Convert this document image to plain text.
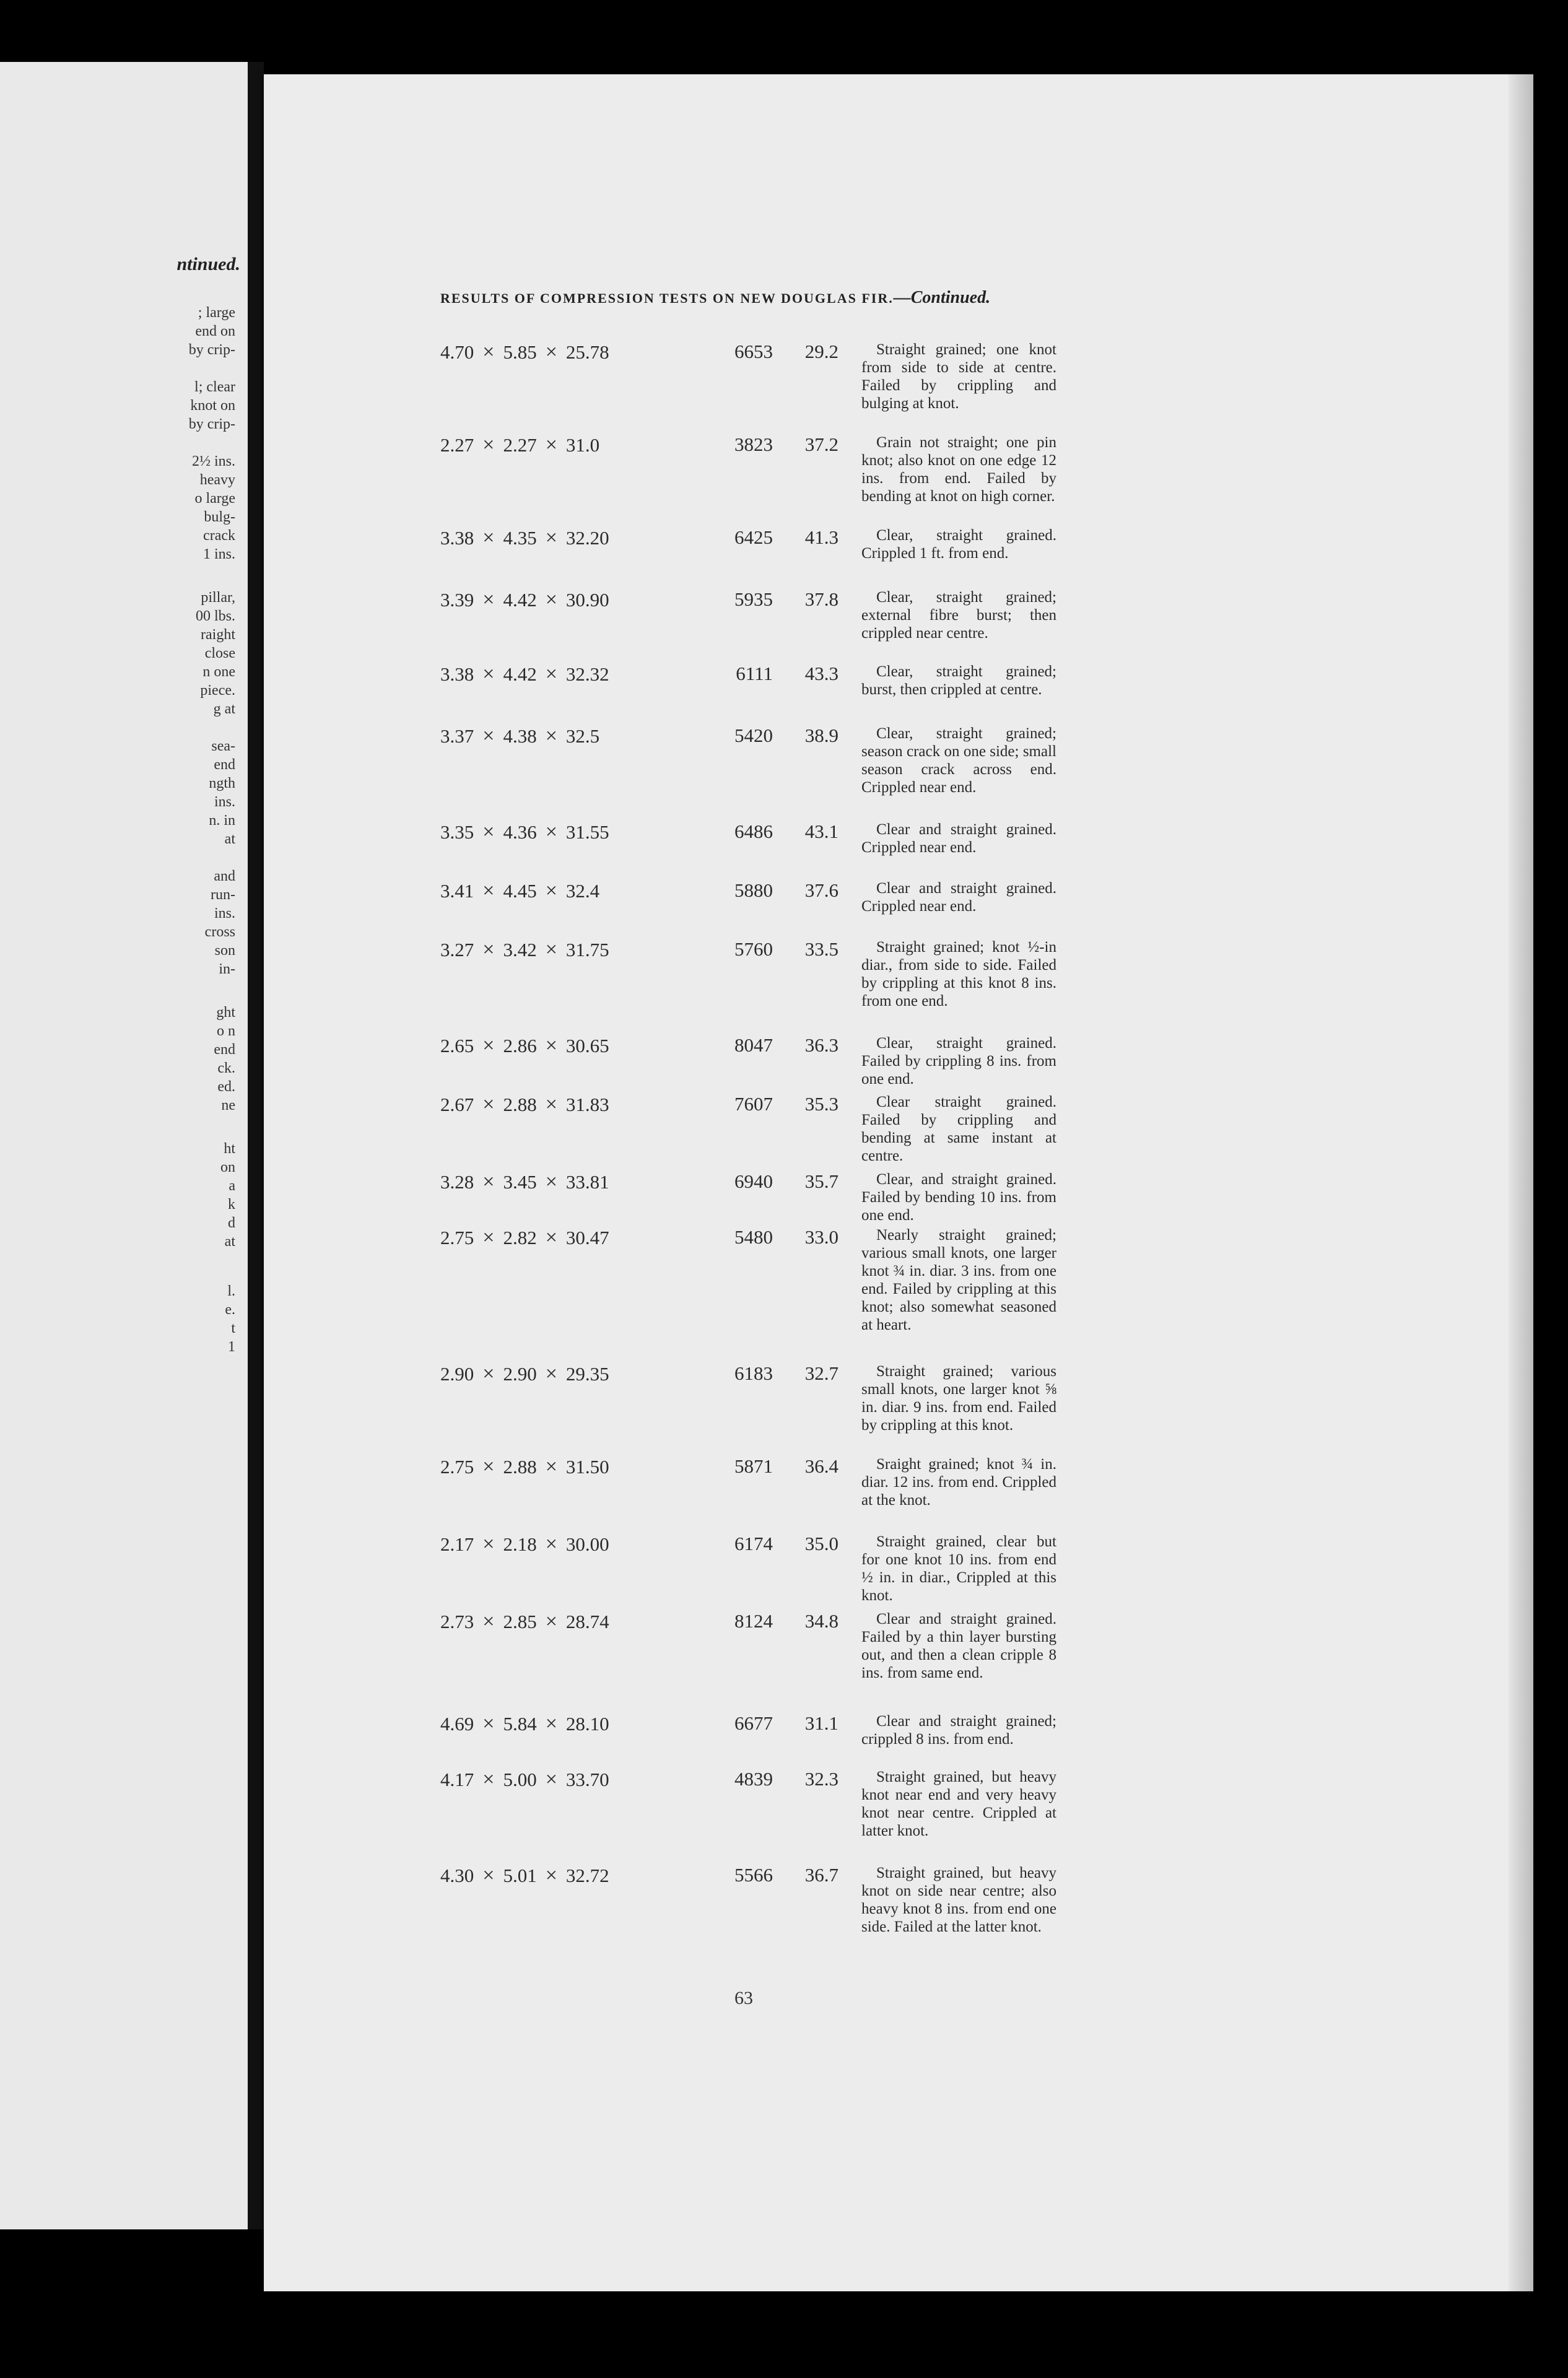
ntinued.
; large
end on
by crip-
l; clear
knot on
by crip-
2½ ins.
heavy
o large
bulg-
crack
1 ins.
pillar,
00 lbs.
raight
close
n one
piece.
g at
sea-
end
ngth
ins.
n. in
at
and
run-
ins.
cross
son
in-
ght
o n
end
ck.
ed.
ne
ht
on
a
k
d
at
l.
e.
t
1
RESULTS OF COMPRESSION TESTS ON NEW DOUGLAS FIR.—Continued.
4.70 × 5.85 × 25.78	6653	29.2	Straight grained; one knot from side to side at centre. Failed by crippling and bulging at knot.
2.27 × 2.27 × 31.0	3823	37.2	Grain not straight; one pin knot; also knot on one edge 12 ins. from end. Failed by bending at knot on high corner.
3.38 × 4.35 × 32.20	6425	41.3	Clear, straight grained. Crippled 1 ft. from end.
3.39 × 4.42 × 30.90	5935	37.8	Clear, straight grained; external fibre burst; then crippled near centre.
3.38 × 4.42 × 32.32	6111	43.3	Clear, straight grained; burst, then crippled at centre.
3.37 × 4.38 × 32.5	5420	38.9	Clear, straight grained; season crack on one side; small season crack across end. Crippled near end.
3.35 × 4.36 × 31.55	6486	43.1	Clear and straight grained. Crippled near end.
3.41 × 4.45 × 32.4	5880	37.6	Clear and straight grained. Crippled near end.
3.27 × 3.42 × 31.75	5760	33.5	Straight grained; knot ½-in diar., from side to side. Failed by crippling at this knot 8 ins. from one end.
2.65 × 2.86 × 30.65	8047	36.3	Clear, straight grained. Failed by crippling 8 ins. from one end.
2.67 × 2.88 × 31.83	7607	35.3	Clear straight grained. Failed by crippling and bending at same instant at centre.
3.28 × 3.45 × 33.81	6940	35.7	Clear, and straight grained. Failed by bending 10 ins. from one end.
2.75 × 2.82 × 30.47	5480	33.0	Nearly straight grained; various small knots, one larger knot ¾ in. diar. 3 ins. from one end. Failed by crippling at this knot; also somewhat seasoned at heart.
2.90 × 2.90 × 29.35	6183	32.7	Straight grained; various small knots, one larger knot ⅝ in. diar. 9 ins. from end. Failed by crippling at this knot.
2.75 × 2.88 × 31.50	5871	36.4	Sraight grained; knot ¾ in. diar. 12 ins. from end. Crippled at the knot.
2.17 × 2.18 × 30.00	6174	35.0	Straight grained, clear but for one knot 10 ins. from end ½ in. in diar., Crippled at this knot.
2.73 × 2.85 × 28.74	8124	34.8	Clear and straight grained. Failed by a thin layer bursting out, and then a clean cripple 8 ins. from same end.
4.69 × 5.84 × 28.10	6677	31.1	Clear and straight grained; crippled 8 ins. from end.
4.17 × 5.00 × 33.70	4839	32.3	Straight grained, but heavy knot near end and very heavy knot near centre. Crippled at latter knot.
4.30 × 5.01 × 32.72	5566	36.7	Straight grained, but heavy knot on side near centre; also heavy knot 8 ins. from end one side. Failed at the latter knot.
63
